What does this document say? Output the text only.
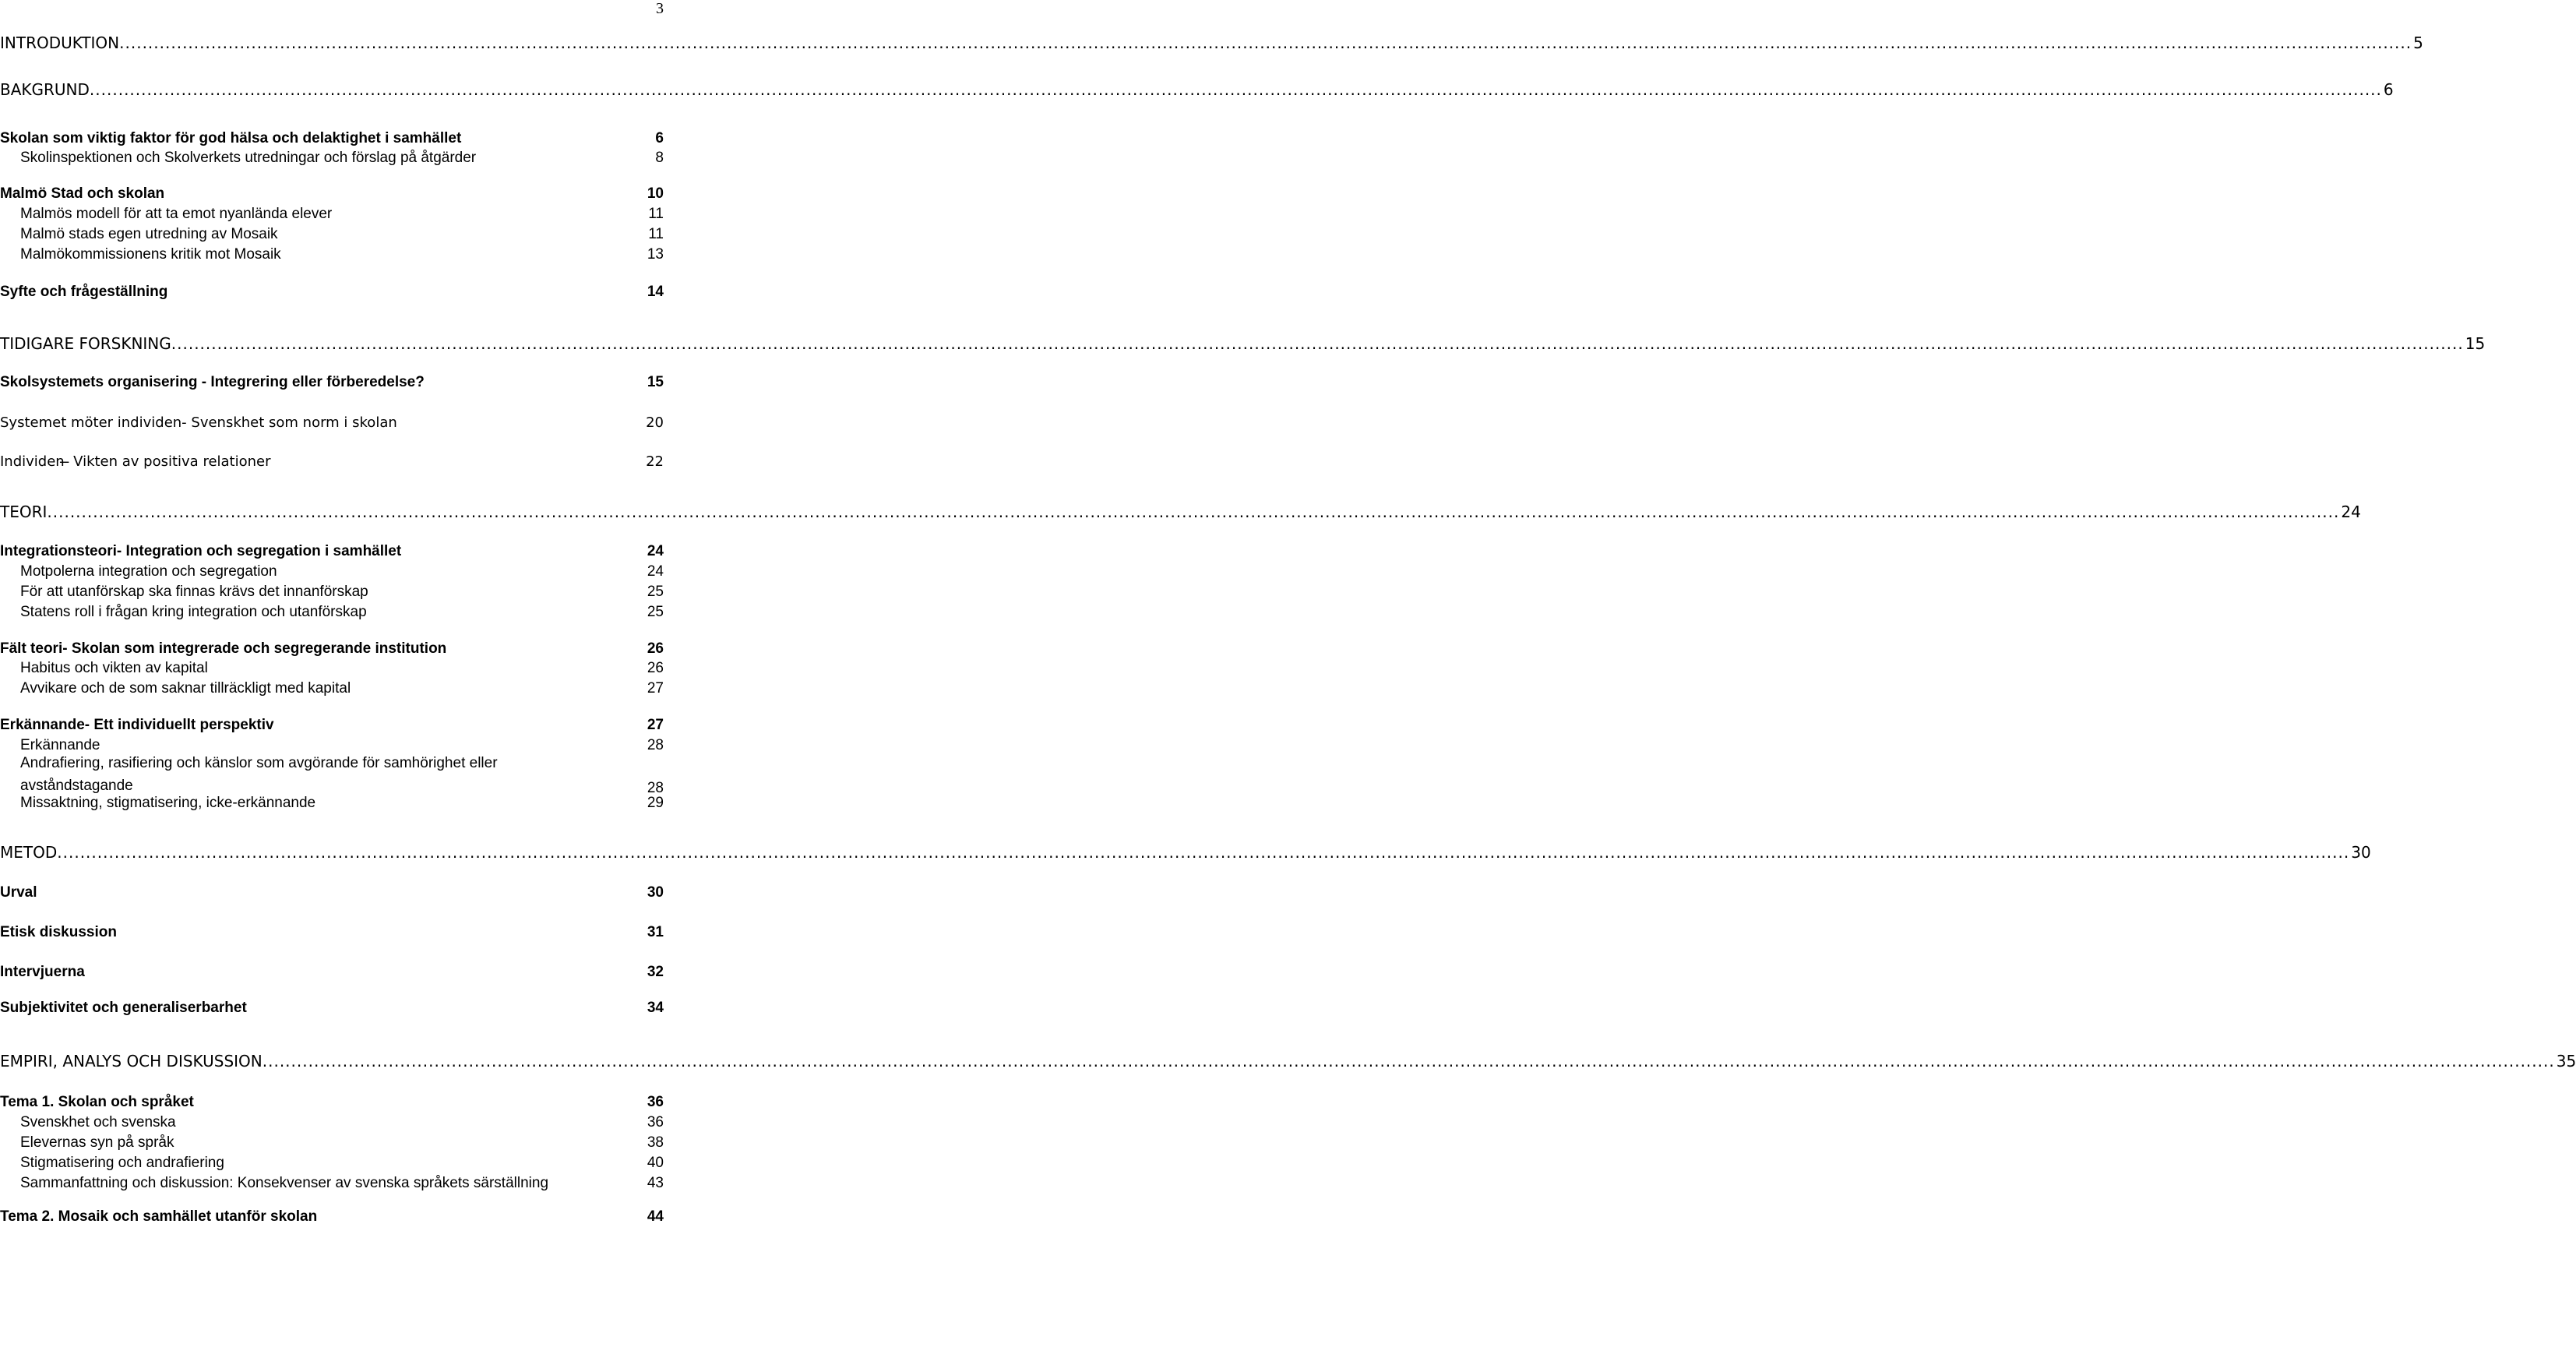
3
INTRODUKTION ................................................................................................................................................................................................................................................................................................................................................................................................................ 5
BAKGRUND ................................................................................................................................................................................................................................................................................................................................................................................................................ 6
Skolan som viktig faktor för god hälsa och delaktighet i samhället	6
Skolinspektionen och Skolverkets utredningar och förslag på åtgärder	8
Malmö Stad och skolan	10
Malmös modell för att ta emot nyanlända elever	11
Malmö stads egen utredning av Mosaik	11
Malmökommissionens kritik mot Mosaik	13
Syfte och frågeställning	14
TIDIGARE FORSKNING ................................................................................................................................................................................................................................................................................................................................................................................................................ 15
Skolsystemets organisering - Integrering eller förberedelse?	15
Systemet möter individen- Svenskhet som norm i skolan	20
Individen ̶ Vikten av positiva relationer	22
TEORI ................................................................................................................................................................................................................................................................................................................................................................................................................ 24
Integrationsteori- Integration och segregation i samhället	24
Motpolerna integration och segregation	24
För att utanförskap ska finnas krävs det innanförskap	25
Statens roll i frågan kring integration och utanförskap	25
Fält teori- Skolan som integrerade och segregerande institution	26
Habitus och vikten av kapital	26
Avvikare och de som saknar tillräckligt med kapital	27
Erkännande- Ett individuellt perspektiv	27
Erkännande	28
Andrafiering, rasifiering och känslor som avgörande för samhörighet eller avståndstagande	28
Missaktning, stigmatisering, icke-erkännande	29
METOD ................................................................................................................................................................................................................................................................................................................................................................................................................ 30
Urval	30
Etisk diskussion	31
Intervjuerna	32
Subjektivitet och generaliserbarhet	34
EMPIRI, ANALYS OCH DISKUSSION ................................................................................................................................................................................................................................................................................................................................................................................................................ 35
Tema 1. Skolan och språket	36
Svenskhet och svenska	36
Elevernas syn på språk	38
Stigmatisering och andrafiering	40
Sammanfattning och diskussion: Konsekvenser av svenska språkets särställning	43
Tema 2. Mosaik och samhället utanför skolan	44
